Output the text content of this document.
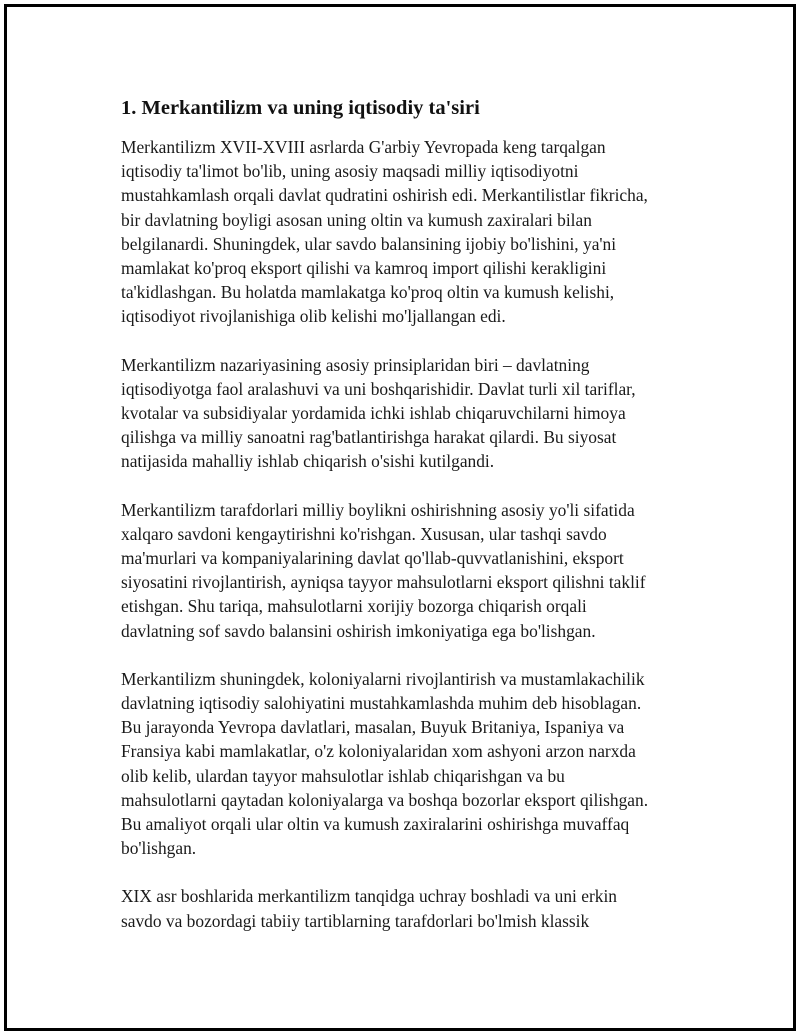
1. Merkantilizm va uning iqtisodiy ta'siri
Merkantilizm XVII-XVIII asrlarda G'arbiy Yevropada keng tarqalgan
iqtisodiy ta'limot bo'lib, uning asosiy maqsadi milliy iqtisodiyotni
mustahkamlash orqali davlat qudratini oshirish edi. Merkantilistlar fikricha,
bir davlatning boyligi asosan uning oltin va kumush zaxiralari bilan
belgilanardi. Shuningdek, ular savdo balansining ijobiy bo'lishini, ya'ni
mamlakat ko'proq eksport qilishi va kamroq import qilishi kerakligini
ta'kidlashgan. Bu holatda mamlakatga ko'proq oltin va kumush kelishi,
iqtisodiyot rivojlanishiga olib kelishi mo'ljallangan edi.
Merkantilizm nazariyasining asosiy prinsiplaridan biri – davlatning
iqtisodiyotga faol aralashuvi va uni boshqarishidir. Davlat turli xil tariflar,
kvotalar va subsidiyalar yordamida ichki ishlab chiqaruvchilarni himoya
qilishga va milliy sanoatni rag'batlantirishga harakat qilardi. Bu siyosat
natijasida mahalliy ishlab chiqarish o'sishi kutilgandi.
Merkantilizm tarafdorlari milliy boylikni oshirishning asosiy yo'li sifatida
xalqaro savdoni kengaytirishni ko'rishgan. Xususan, ular tashqi savdo
ma'murlari va kompaniyalarining davlat qo'llab-quvvatlanishini, eksport
siyosatini rivojlantirish, ayniqsa tayyor mahsulotlarni eksport qilishni taklif
etishgan. Shu tariqa, mahsulotlarni xorijiy bozorga chiqarish orqali
davlatning sof savdo balansini oshirish imkoniyatiga ega bo'lishgan.
Merkantilizm shuningdek, koloniyalarni rivojlantirish va mustamlakachilik
davlatning iqtisodiy salohiyatini mustahkamlashda muhim deb hisoblagan.
Bu jarayonda Yevropa davlatlari, masalan, Buyuk Britaniya, Ispaniya va
Fransiya kabi mamlakatlar, o'z koloniyalaridan xom ashyoni arzon narxda
olib kelib, ulardan tayyor mahsulotlar ishlab chiqarishgan va bu
mahsulotlarni qaytadan koloniyalarga va boshqa bozorlar eksport qilishgan.
Bu amaliyot orqali ular oltin va kumush zaxiralarini oshirishga muvaffaq
bo'lishgan.
XIX asr boshlarida merkantilizm tanqidga uchray boshladi va uni erkin
savdo va bozordagi tabiiy tartiblarning tarafdorlari bo'lmish klassik
